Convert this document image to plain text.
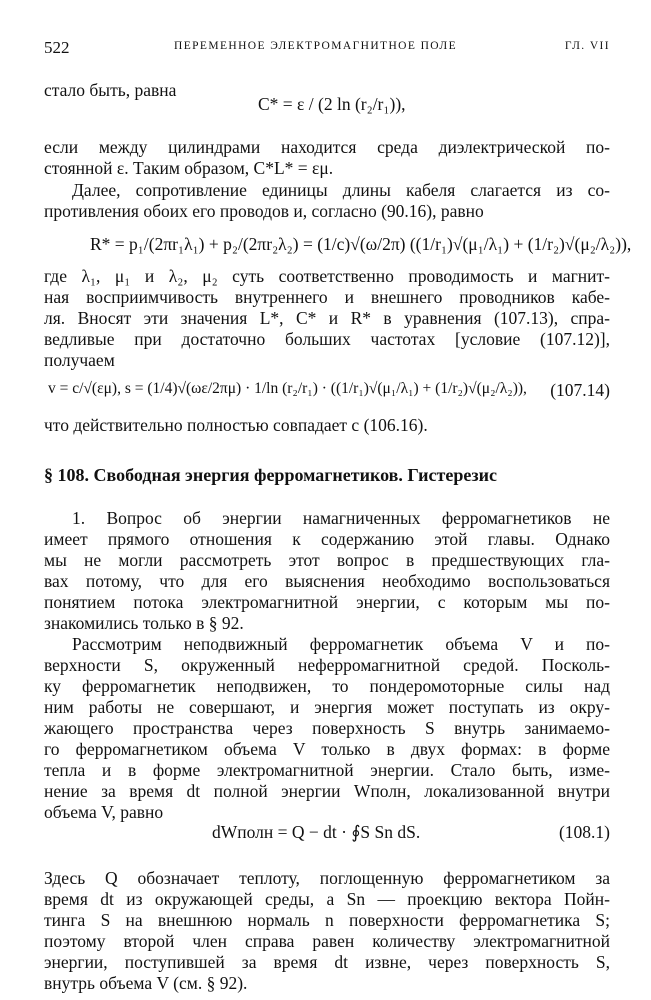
522	ПЕРЕМЕННОЕ ЭЛЕКТРОМАГНИТНОЕ ПОЛЕ	ГЛ. VII
стало быть, равна
C* = ε / (2 ln (r₂/r₁)),
если между цилиндрами находится среда диэлектрической по-
стоянной ε. Таким образом, C*L* = εμ.
Далее, сопротивление единицы длины кабеля слагается из со-
противления обоих его проводов и, согласно (90.16), равно
R* = p₁/(2πr₁λ₁) + p₂/(2πr₂λ₂) = (1/c)√(ω/2π) ((1/r₁)√(μ₁/λ₁) + (1/r₂)√(μ₂/λ₂)),
где λ₁, μ₁ и λ₂, μ₂ суть соответственно проводимость и магнит-
ная восприимчивость внутреннего и внешнего проводников кабе-
ля. Вносят эти значения L*, C* и R* в уравнения (107.13), спра-
ведливые при достаточно больших частотах [условие (107.12)],
получаем
v = c/√(εμ), s = (1/4)√(ωε/2πμ) · 1/ln (r₂/r₁) · ((1/r₁)√(μ₁/λ₁) + (1/r₂)√(μ₂/λ₂)), (107.14)
что действительно полностью совпадает с (106.16).
§ 108. Свободная энергия ферромагнетиков. Гистерезис
1. Вопрос об энергии намагниченных ферромагнетиков не
имеет прямого отношения к содержанию этой главы. Однако
мы не могли рассмотреть этот вопрос в предшествующих гла-
вах потому, что для его выяснения необходимо воспользоваться
понятием потока электромагнитной энергии, с которым мы по-
знакомились только в § 92.
Рассмотрим неподвижный ферромагнетик объема V и по-
верхности S, окруженный неферромагнитной средой. Посколь-
ку ферромагнетик неподвижен, то пондеромоторные силы над
ним работы не совершают, и энергия может поступать из окру-
жающего пространства через поверхность S внутрь занимаемо-
го ферромагнетиком объема V только в двух формах: в форме
тепла и в форме электромагнитной энергии. Стало быть, изме-
нение за время dt полной энергии Wполн, локализованной внутри
объема V, равно
dWполн = Q − dt · ∮S Sn dS.	(108.1)
Здесь Q обозначает теплоту, поглощенную ферромагнетиком за
время dt из окружающей среды, а Sn — проекцию вектора Пойн-
тинга S на внешнюю нормаль n поверхности ферромагнетика S;
поэтому второй член справа равен количеству электромагнитной
энергии, поступившей за время dt извне, через поверхность S,
внутрь объема V (см. § 92).
